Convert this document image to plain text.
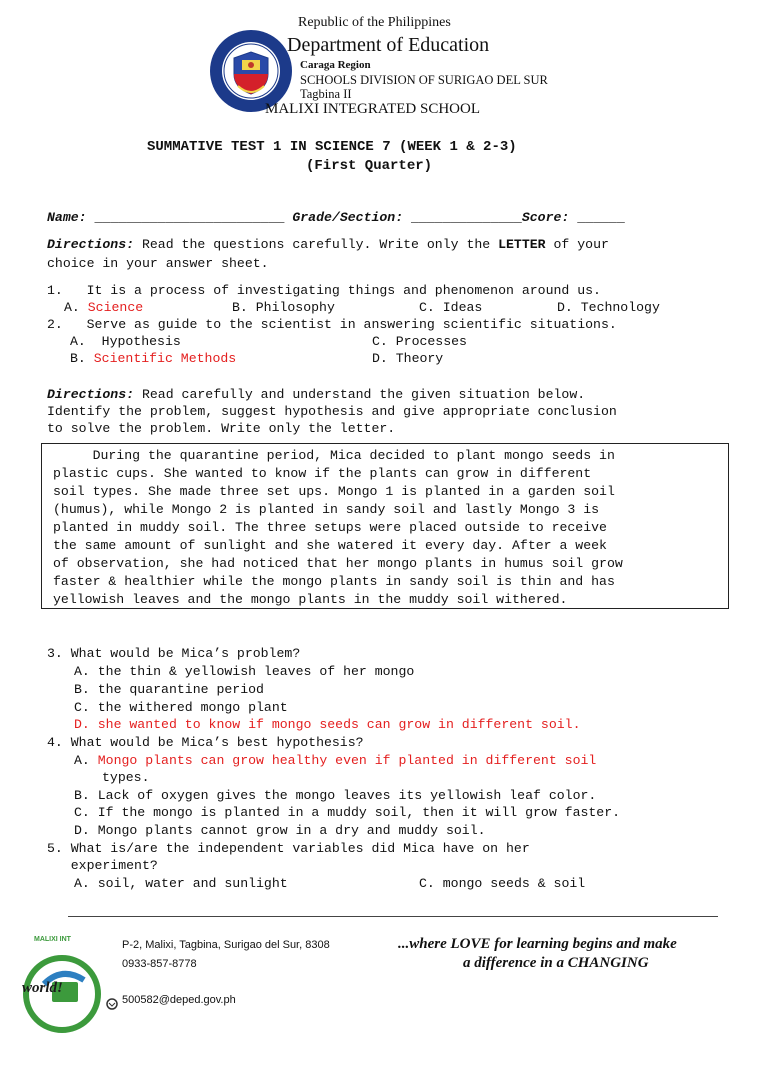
Republic of the Philippines
Department of Education
Caraga Region
SCHOOLS DIVISION OF SURIGAO DEL SUR
Tagbina II
MALIXI INTEGRATED SCHOOL
SUMMATIVE TEST 1 IN SCIENCE 7 (WEEK 1 & 2-3)
(First Quarter)
Name: ________________________ Grade/Section: ______________Score: ______
Directions: Read the questions carefully. Write only the LETTER of your
choice in your answer sheet.
1.   It is a process of investigating things and phenomenon around us.
A. Science	B. Philosophy	C. Ideas	D. Technology
2.   Serve as guide to the scientist in answering scientific situations.
A.  Hypothesis	C. Processes
B. Scientific Methods	D. Theory
Directions: Read carefully and understand the given situation below.
Identify the problem, suggest hypothesis and give appropriate conclusion
to solve the problem. Write only the letter.
During the quarantine period, Mica decided to plant mongo seeds in
plastic cups. She wanted to know if the plants can grow in different
soil types. She made three set ups. Mongo 1 is planted in a garden soil
(humus), while Mongo 2 is planted in sandy soil and lastly Mongo 3 is
planted in muddy soil. The three setups were placed outside to receive
the same amount of sunlight and she watered it every day. After a week
of observation, she had noticed that her mongo plants in humus soil grow
faster & healthier while the mongo plants in sandy soil is thin and has
yellowish leaves and the mongo plants in the muddy soil withered.
3. What would be Mica’s problem?
A. the thin & yellowish leaves of her mongo
B. the quarantine period
C. the withered mongo plant
D. she wanted to know if mongo seeds can grow in different soil.
4. What would be Mica’s best hypothesis?
A. Mongo plants can grow healthy even if planted in different soil
types.
B. Lack of oxygen gives the mongo leaves its yellowish leaf color.
C. If the mongo is planted in a muddy soil, then it will grow faster.
D. Mongo plants cannot grow in a dry and muddy soil.
5. What is/are the independent variables did Mica have on her
experiment?
A. soil, water and sunlight	C. mongo seeds & soil

world!

MALIXI INT	P-2, Malixi, Tagbina, Surigao del Sur, 8308
0933-857-8778
500582@deped.gov.ph
...where LOVE for learning begins and make
a difference in a CHANGING
